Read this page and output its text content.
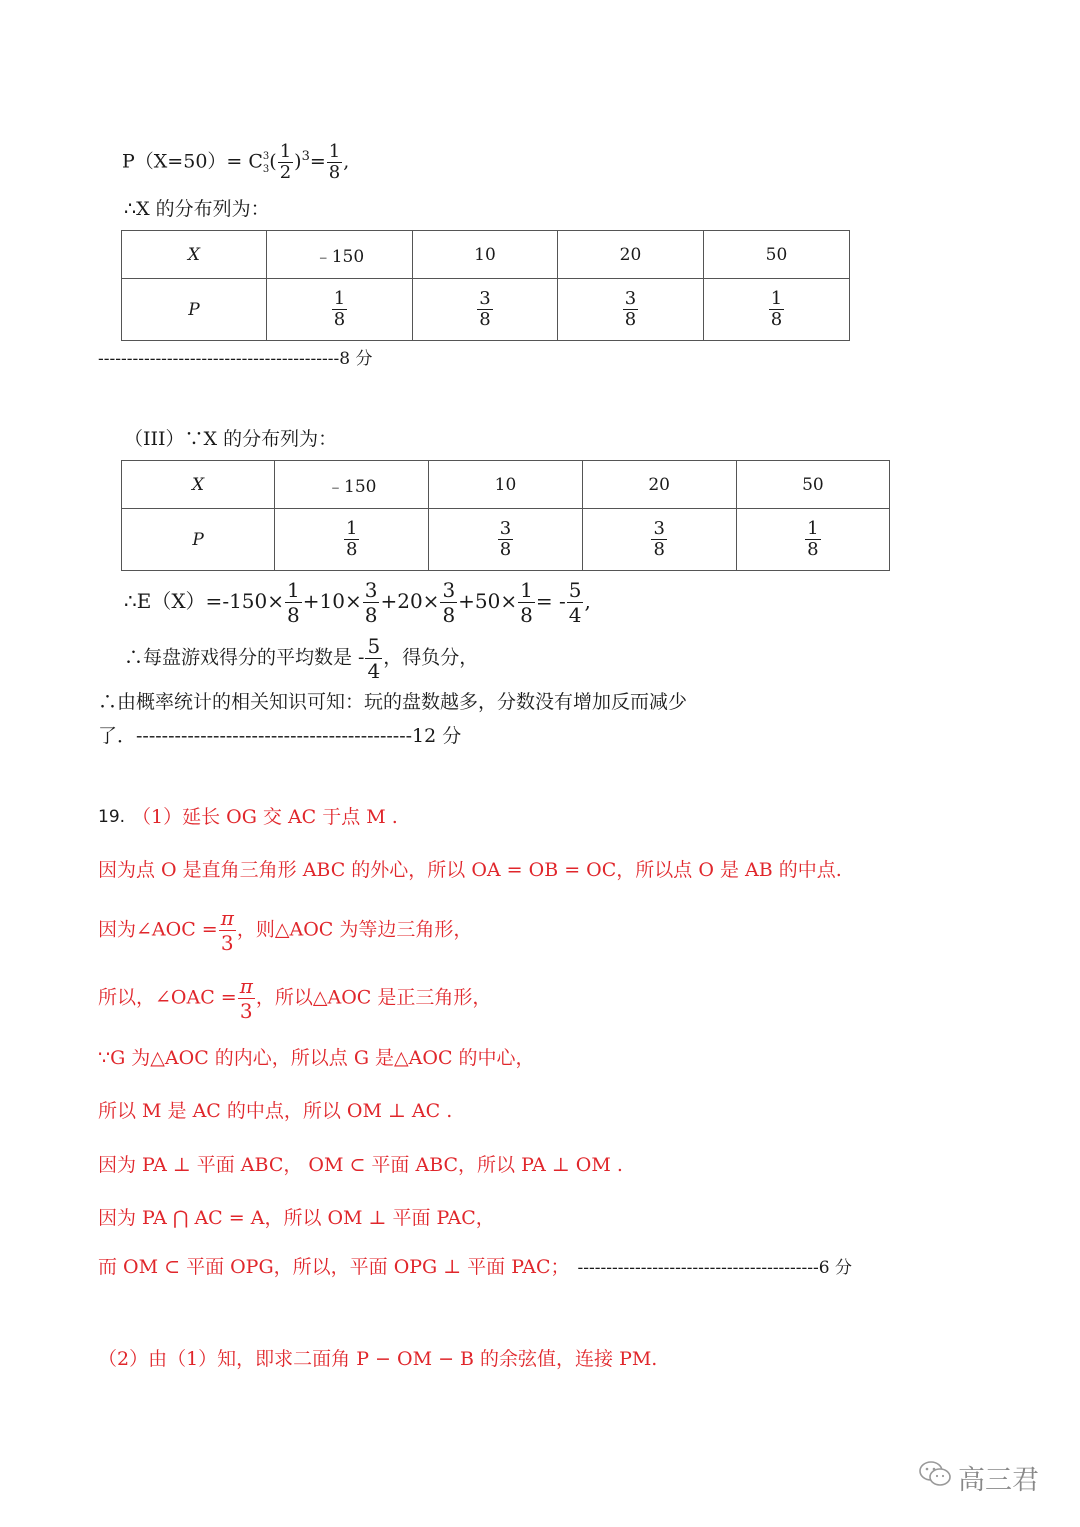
P（X=50）= C 3
3 ( $\frac{1}{2} )^3= \frac{1}{8}$ ,
∴X 的分布列为：
X	﹣150	10	20	50
P	$\frac{1}{8}$	$\frac{3}{8}$	$\frac{3}{8}$	$\frac{1}{8}$
------------------------------------------8 分
（III）∵X 的分布列为：
X	﹣150	10	20	50
P	$\frac{1}{8}$	$\frac{3}{8}$	$\frac{3}{8}$	$\frac{1}{8}$
∴E（X）=-150× $\frac{1}{8} +10\times \frac{3}{8} +20\times \frac{3}{8} +50\times \frac{1}{8}$ = - $\frac{5}{4}$ ,
∴每盘游戏得分的平均数是 - $\frac{5}{4}$ ，得负分，
∴由概率统计的相关知识可知：玩的盘数越多，分数没有增加反而减少
了．-------------------------------------------12 分
19. （1）延长 OG 交 AC 于点 M .
因为点 O 是直角三角形 ABC 的外心，所以 OA = OB = OC，所以点 O 是 AB 的中点.
因为∠AOC = $\frac{\pi}{3}$ ，则△AOC 为等边三角形，
所以，∠OAC = $\frac{\pi}{3}$ ，所以△AOC 是正三角形，
∵G 为△AOC 的内心，所以点 G 是△AOC 的中心，
所以 M 是 AC 的中点，所以 OM ⊥ AC .
因为 PA ⊥ 平面 ABC， OM ⊂ 平面 ABC，所以 PA ⊥ OM .
因为 PA ⋂ AC = A，所以 OM ⊥ 平面 PAC，
而 OM ⊂ 平面 OPG，所以，平面 OPG ⊥ 平面 PAC； ------------------------------------------6 分
（2）由（1）知，即求二面角 P − OM − B 的余弦值，连接 PM.
高三君
